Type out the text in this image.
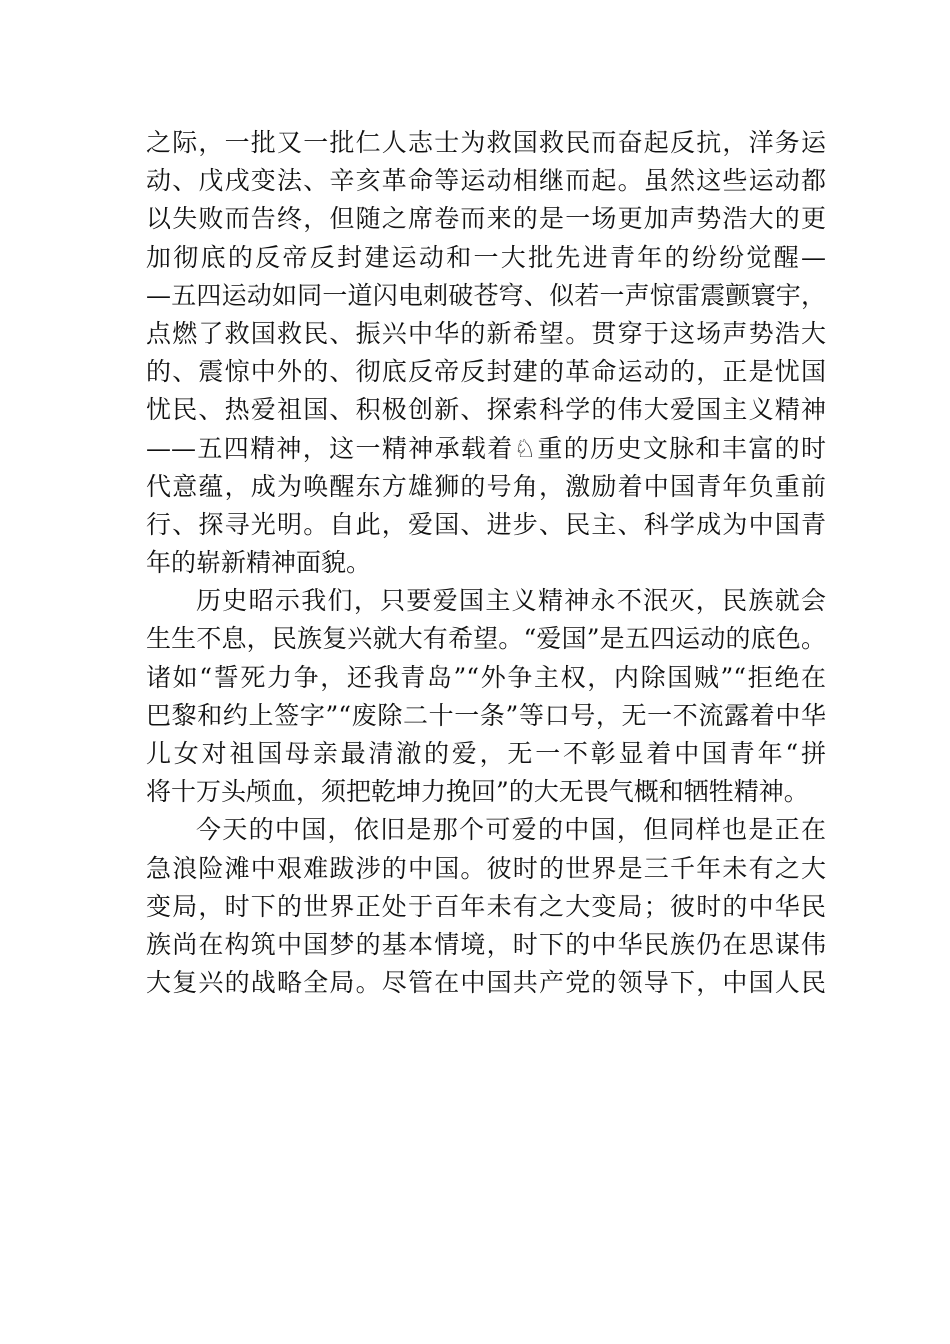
之际，一批又一批仁人志士为救国救民而奋起反抗，洋务运
动、戊戌变法、辛亥革命等运动相继而起。虽然这些运动都
以失败而告终，但随之席卷而来的是一场更加声势浩大的更
加彻底的反帝反封建运动和一大批先进青年的纷纷觉醒—
—五四运动如同一道闪电刺破苍穹、似若一声惊雷震颤寰宇，
点燃了救国救民、振兴中华的新希望。贯穿于这场声势浩大
的、震惊中外的、彻底反帝反封建的革命运动的，正是忧国
忧民、热爱祖国、积极创新、探索科学的伟大爱国主义精神
——五四精神，这一精神承载着♘重的历史文脉和丰富的时
代意蕴，成为唤醒东方雄狮的号角，激励着中国青年负重前
行、探寻光明。自此，爱国、进步、民主、科学成为中国青
年的崭新精神面貌。
历史昭示我们，只要爱国主义精神永不泯灭，民族就会
生生不息，民族复兴就大有希望。“爱国”是五四运动的底色。
诸如“誓死力争，还我青岛”“外争主权，内除国贼”“拒绝在
巴黎和约上签字”“废除二十一条”等口号，无一不流露着中华
儿女对祖国母亲最清澈的爱，无一不彰显着中国青年“拼
将十万头颅血，须把乾坤力挽回”的大无畏气概和牺牲精神。
今天的中国，依旧是那个可爱的中国，但同样也是正在
急浪险滩中艰难跋涉的中国。彼时的世界是三千年未有之大
变局，时下的世界正处于百年未有之大变局；彼时的中华民
族尚在构筑中国梦的基本情境，时下的中华民族仍在思谋伟
大复兴的战略全局。尽管在中国共产党的领导下，中国人民
